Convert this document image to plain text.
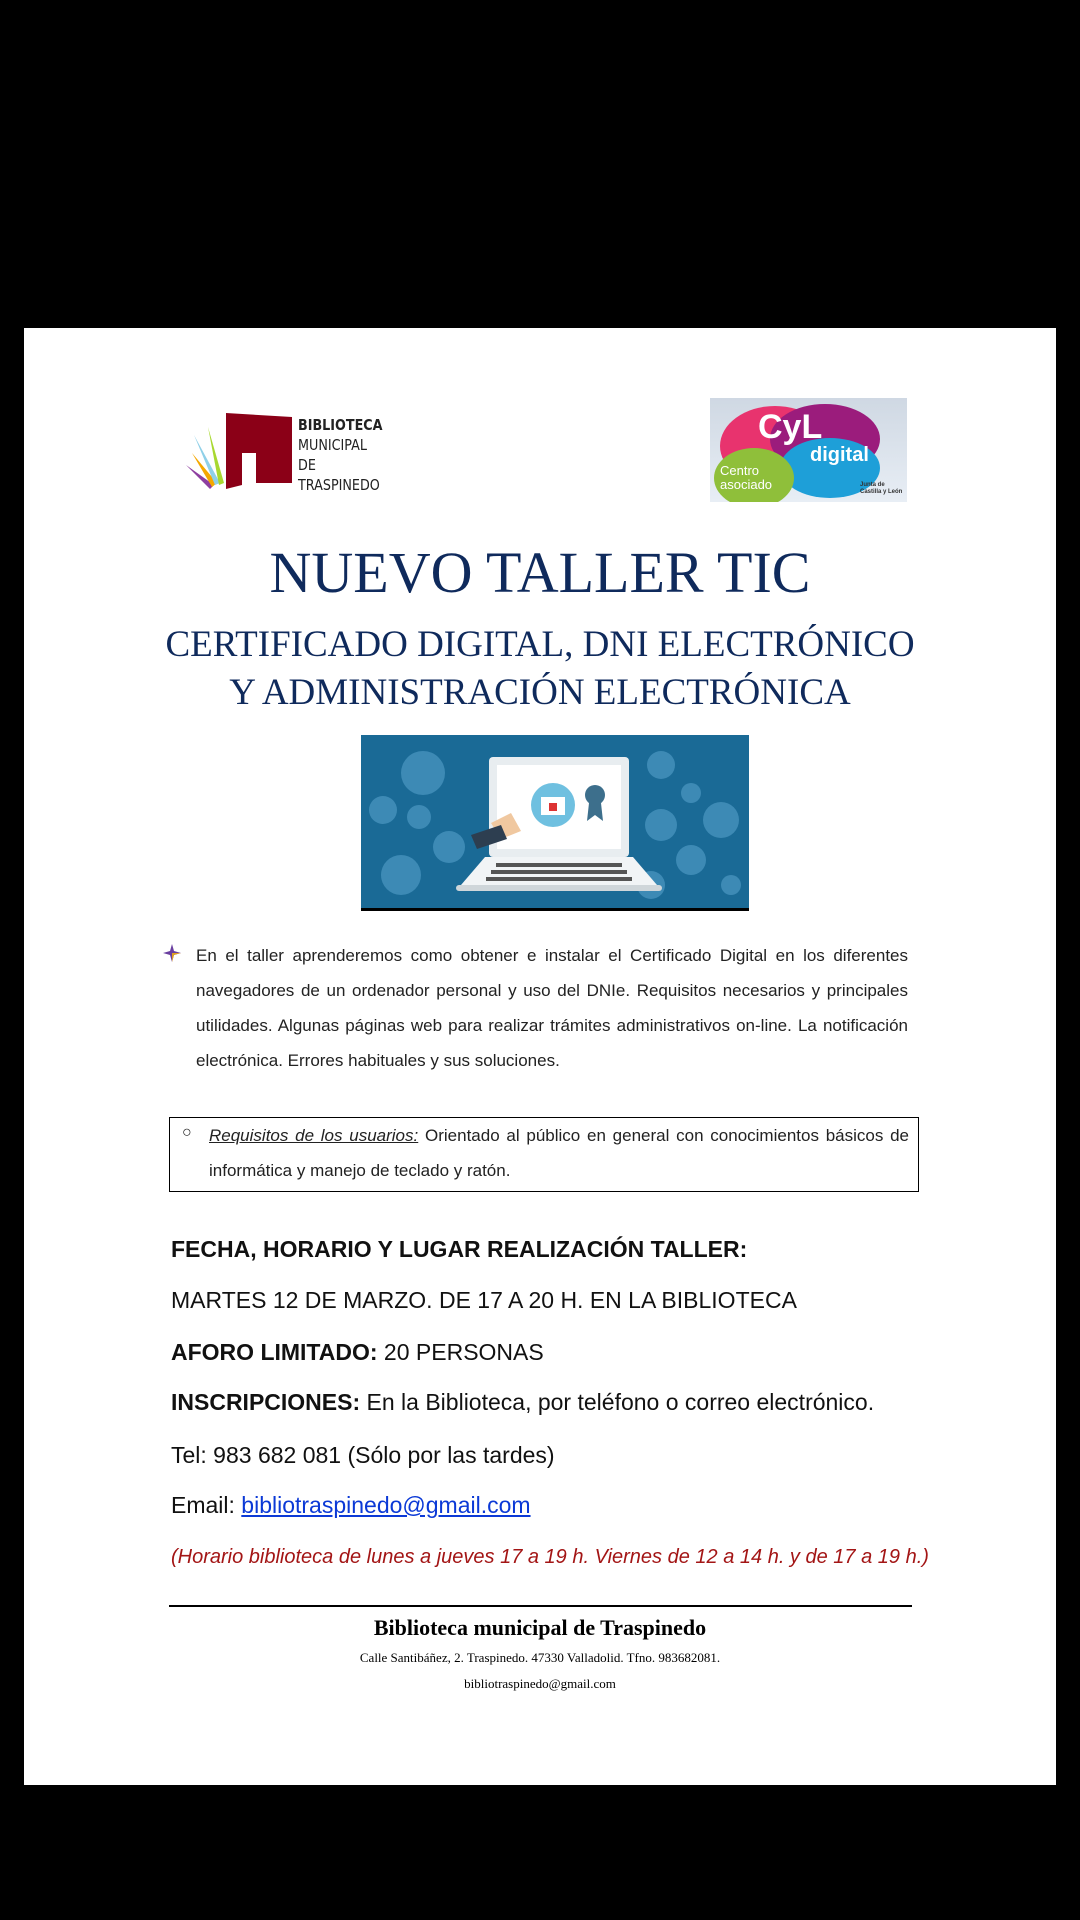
BIBLIOTECA
MUNICIPAL DE
TRASPINEDO
CyL
digital
Centro
asociado	Junta de
Castilla y León
NUEVO TALLER TIC
CERTIFICADO DIGITAL, DNI ELECTRÓNICO
Y ADMINISTRACIÓN ELECTRÓNICA
En el taller aprenderemos como obtener e instalar el Certificado Digital en los diferentes navegadores de un ordenador personal y uso del DNIe. Requisitos necesarios y principales utilidades. Algunas páginas web para realizar trámites administrativos on-line. La notificación electrónica. Errores habituales y sus soluciones.
○ Requisitos de los usuarios: Orientado al público en general con conocimientos básicos de informática y manejo de teclado y ratón.
FECHA, HORARIO Y LUGAR REALIZACIÓN TALLER:
MARTES 12 DE MARZO. DE 17 A 20 H. EN LA BIBLIOTECA
AFORO LIMITADO: 20 PERSONAS
INSCRIPCIONES: En la Biblioteca, por teléfono o correo electrónico.
Tel: 983 682 081 (Sólo por las tardes)
Email: bibliotraspinedo@gmail.com
(Horario biblioteca de lunes a jueves 17 a 19 h. Viernes de 12 a 14 h. y de 17 a 19 h.)
Biblioteca municipal de Traspinedo
Calle Santibáñez, 2. Traspinedo. 47330 Valladolid. Tfno. 983682081.
bibliotraspinedo@gmail.com
